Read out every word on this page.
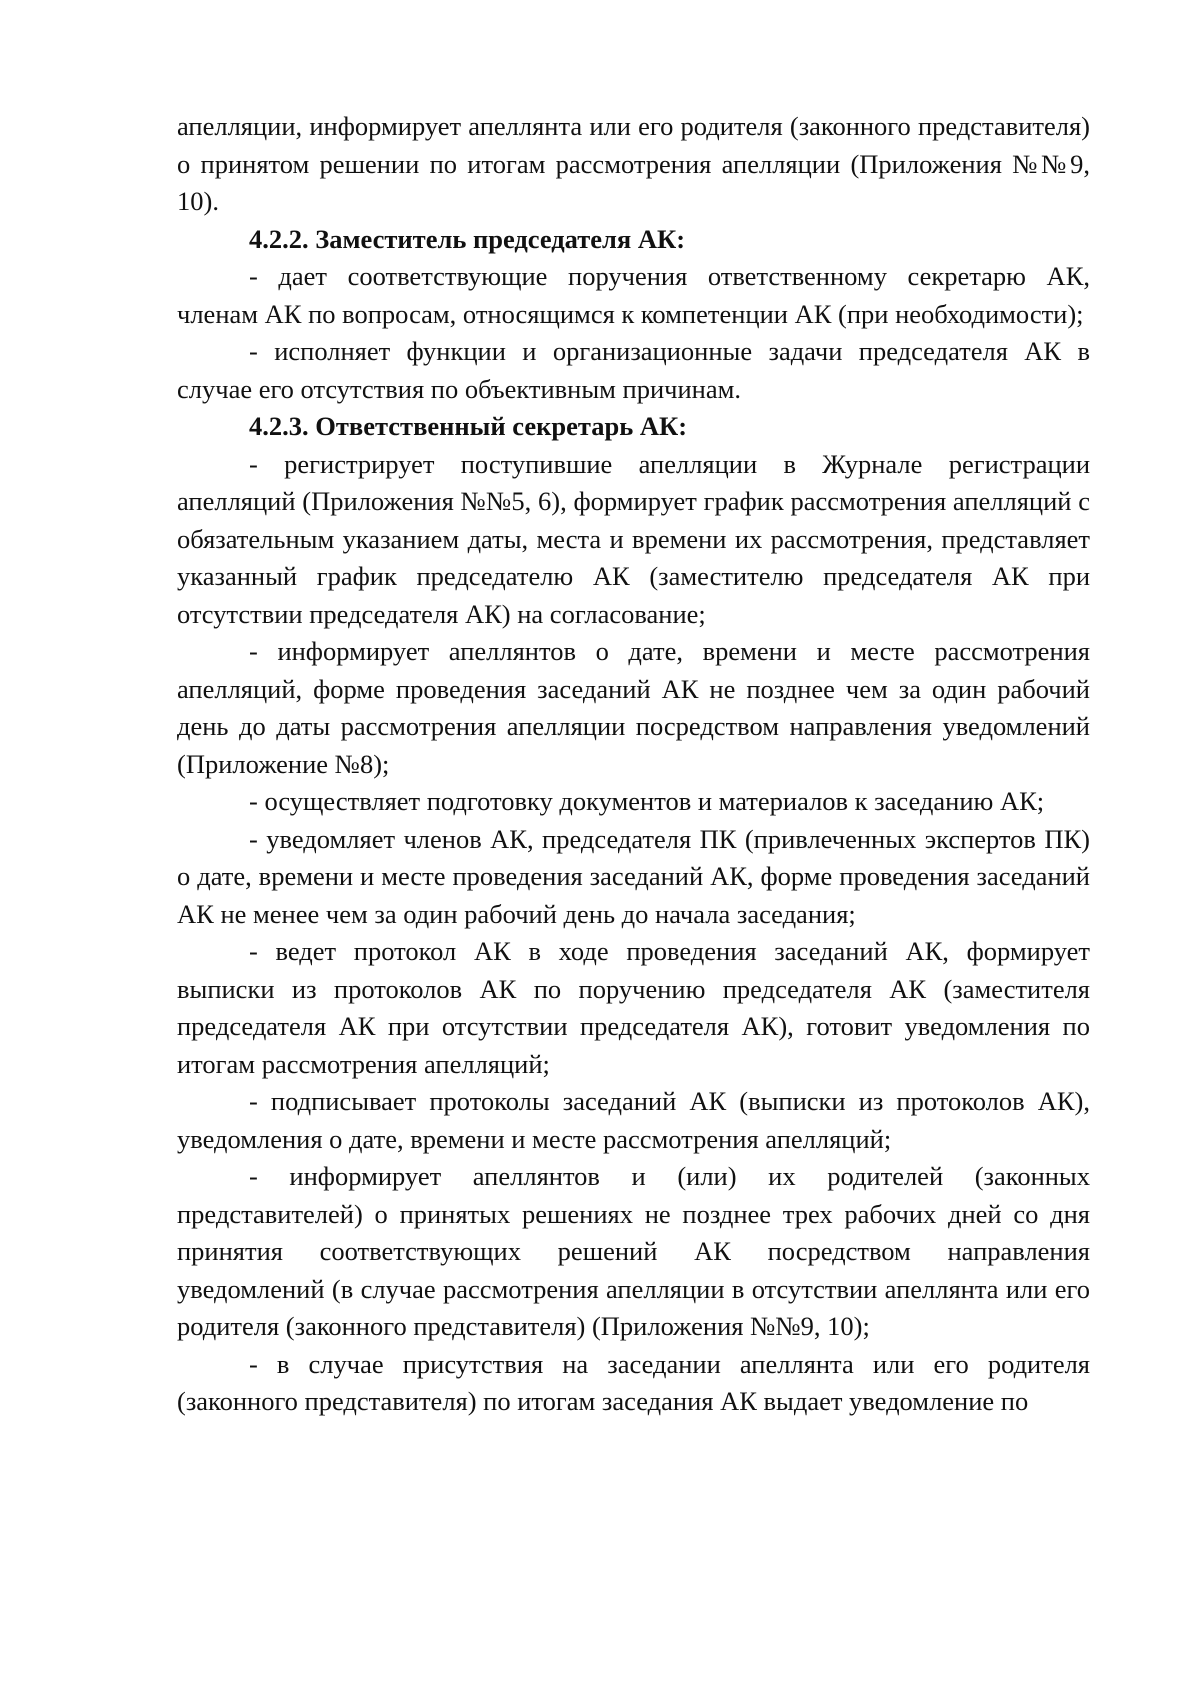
апелляции, информирует апеллянта или его родителя (законного представителя) о принятом решении по итогам рассмотрения апелляции (Приложения №№9, 10).

4.2.2. Заместитель председателя АК:

- дает соответствующие поручения ответственному секретарю АК, членам АК по вопросам, относящимся к компетенции АК (при необходимости);

- исполняет функции и организационные задачи председателя АК в случае его отсутствия по объективным причинам.

4.2.3. Ответственный секретарь АК:

- регистрирует поступившие апелляции в Журнале регистрации апелляций (Приложения №№5, 6), формирует график рассмотрения апелляций с обязательным указанием даты, места и времени их рассмотрения, представляет указанный график председателю АК (заместителю председателя АК при отсутствии председателя АК) на согласование;

- информирует апеллянтов о дате, времени и месте рассмотрения апелляций, форме проведения заседаний АК не позднее чем за один рабочий день до даты рассмотрения апелляции посредством направления уведомлений (Приложение №8);

- осуществляет подготовку документов и материалов к заседанию АК;

- уведомляет членов АК, председателя ПК (привлеченных экспертов ПК) о дате, времени и месте проведения заседаний АК, форме проведения заседаний АК не менее чем за один рабочий день до начала заседания;

- ведет протокол АК в ходе проведения заседаний АК, формирует выписки из протоколов АК по поручению председателя АК (заместителя председателя АК при отсутствии председателя АК), готовит уведомления по итогам рассмотрения апелляций;

- подписывает протоколы заседаний АК (выписки из протоколов АК), уведомления о дате, времени и месте рассмотрения апелляций;

- информирует апеллянтов и (или) их родителей (законных представителей) о принятых решениях не позднее трех рабочих дней со дня принятия соответствующих решений АК посредством направления уведомлений (в случае рассмотрения апелляции в отсутствии апеллянта или его родителя (законного представителя) (Приложения №№9, 10);

- в случае присутствия на заседании апеллянта или его родителя (законного представителя) по итогам заседания АК выдает уведомление по
